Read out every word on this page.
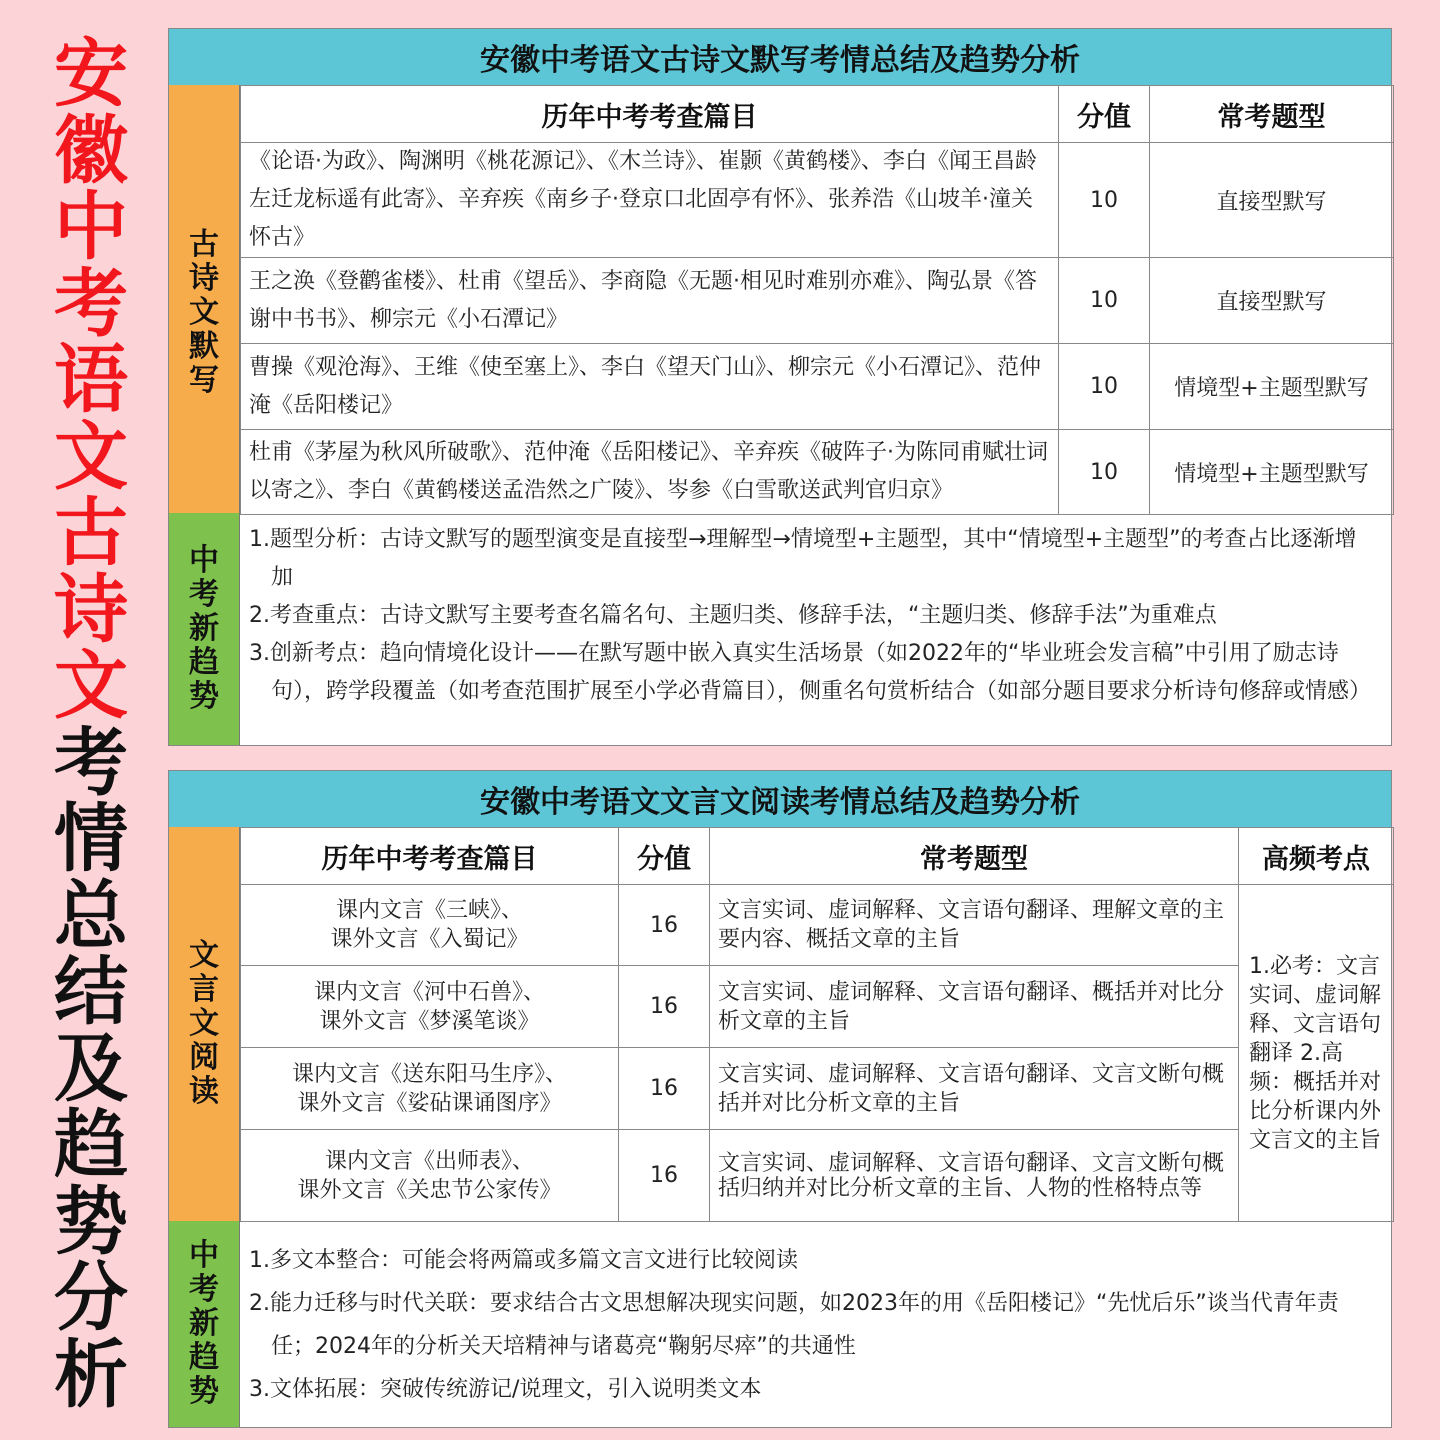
安
徽
中
考
语
文
古
诗
文
考
情
总
结
及
趋
势
分
析
安徽中考语文古诗文默写考情总结及趋势分析
古诗文默写
历年中考考查篇目	分值	常考题型
《论语·为政》、陶渊明《桃花源记》、《木兰诗》、崔颢《黄鹤楼》、李白《闻王昌龄左迁龙标遥有此寄》、辛弃疾《南乡子·登京口北固亭有怀》、张养浩《山坡羊·潼关怀古》	10	直接型默写
王之涣《登鹳雀楼》、杜甫《望岳》、李商隐《无题·相见时难别亦难》、陶弘景《答谢中书书》、柳宗元《小石潭记》	10	直接型默写
曹操《观沧海》、王维《使至塞上》、李白《望天门山》、柳宗元《小石潭记》、范仲淹《岳阳楼记》	10	情境型+主题型默写
杜甫《茅屋为秋风所破歌》、范仲淹《岳阳楼记》、辛弃疾《破阵子·为陈同甫赋壮词以寄之》、李白《黄鹤楼送孟浩然之广陵》、岑参《白雪歌送武判官归京》	10	情境型+主题型默写
中考新趋势

1.题型分析：古诗文默写的题型演变是直接型→理解型→情境型+主题型，其中“情境型+主题型”的考查占比逐渐增加

2.考查重点：古诗文默写主要考查名篇名句、主题归类、修辞手法，“主题归类、修辞手法”为重难点

3.创新考点：趋向情境化设计——在默写题中嵌入真实生活场景（如2022年的“毕业班会发言稿”中引用了励志诗句），跨学段覆盖（如考查范围扩展至小学必背篇目），侧重名句赏析结合（如部分题目要求分析诗句修辞或情感）

安徽中考语文文言文阅读考情总结及趋势分析
文言文阅读
历年中考考查篇目	分值	常考题型	高频考点

课内文言《三峡》、
课外文言《入蜀记》	16	文言实词、虚词解释、文言语句翻译、理解文章的主要内容、概括文章的主旨	1.必考：文言实词、虚词解释、文言语句翻译 2.高频：概括并对比分析课内外文言文的主旨

课内文言《河中石兽》、
课外文言《梦溪笔谈》	16	文言实词、虚词解释、文言语句翻译、概括并对比分析文章的主旨	

课内文言《送东阳马生序》、
课外文言《娑砧课诵图序》	16	文言实词、虚词解释、文言语句翻译、文言文断句概括并对比分析文章的主旨	

课内文言《出师表》、
课外文言《关忠节公家传》	16	文言实词、虚词解释、文言语句翻译、文言文断句概括归纳并对比分析文章的主旨、人物的性格特点等	
中考新趋势

1.多文本整合：可能会将两篇或多篇文言文进行比较阅读

2.能力迁移与时代关联：要求结合古文思想解决现实问题，如2023年的用《岳阳楼记》“先忧后乐”谈当代青年责任；2024年的分析关天培精神与诸葛亮“鞠躬尽瘁”的共通性

3.文体拓展：突破传统游记/说理文，引入说明类文本
